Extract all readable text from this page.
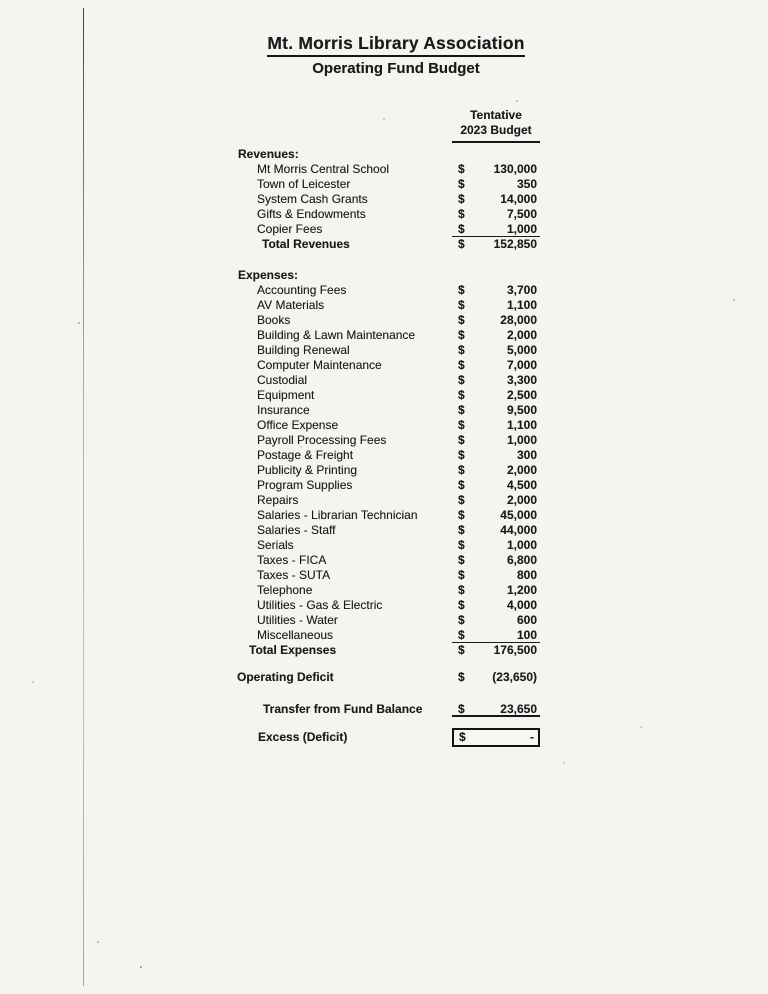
Mt. Morris Library Association
Operating Fund Budget
Tentative
2023 Budget
Revenues:
Mt Morris Central School	$ 130,000
Town of Leicester	$	350
System Cash Grants	$	14,000
Gifts & Endowments	$	7,500
Copier Fees	$	1,000
Total Revenues	$ 152,850
Expenses:
Accounting Fees	$	3,700
AV Materials	$	1,100
Books	$	28,000
Building & Lawn Maintenance	$	2,000
Building Renewal	$	5,000
Computer Maintenance	$	7,000
Custodial	$	3,300
Equipment	$	2,500
Insurance	$	9,500
Office Expense	$	1,100
Payroll Processing Fees	$	1,000
Postage & Freight	$	300
Publicity & Printing	$	2,000
Program Supplies	$	4,500
Repairs	$	2,000
Salaries - Librarian Technician	$	45,000
Salaries - Staff	$	44,000
Serials	$	1,000
Taxes - FICA	$	6,800
Taxes - SUTA	$	800
Telephone	$	1,200
Utilities - Gas & Electric	$	4,000
Utilities - Water	$	600
Miscellaneous	$	100
Total Expenses	$ 176,500
Operating Deficit	$ (23,650)
Transfer from Fund Balance	$	23,650
Excess (Deficit)	$	-
